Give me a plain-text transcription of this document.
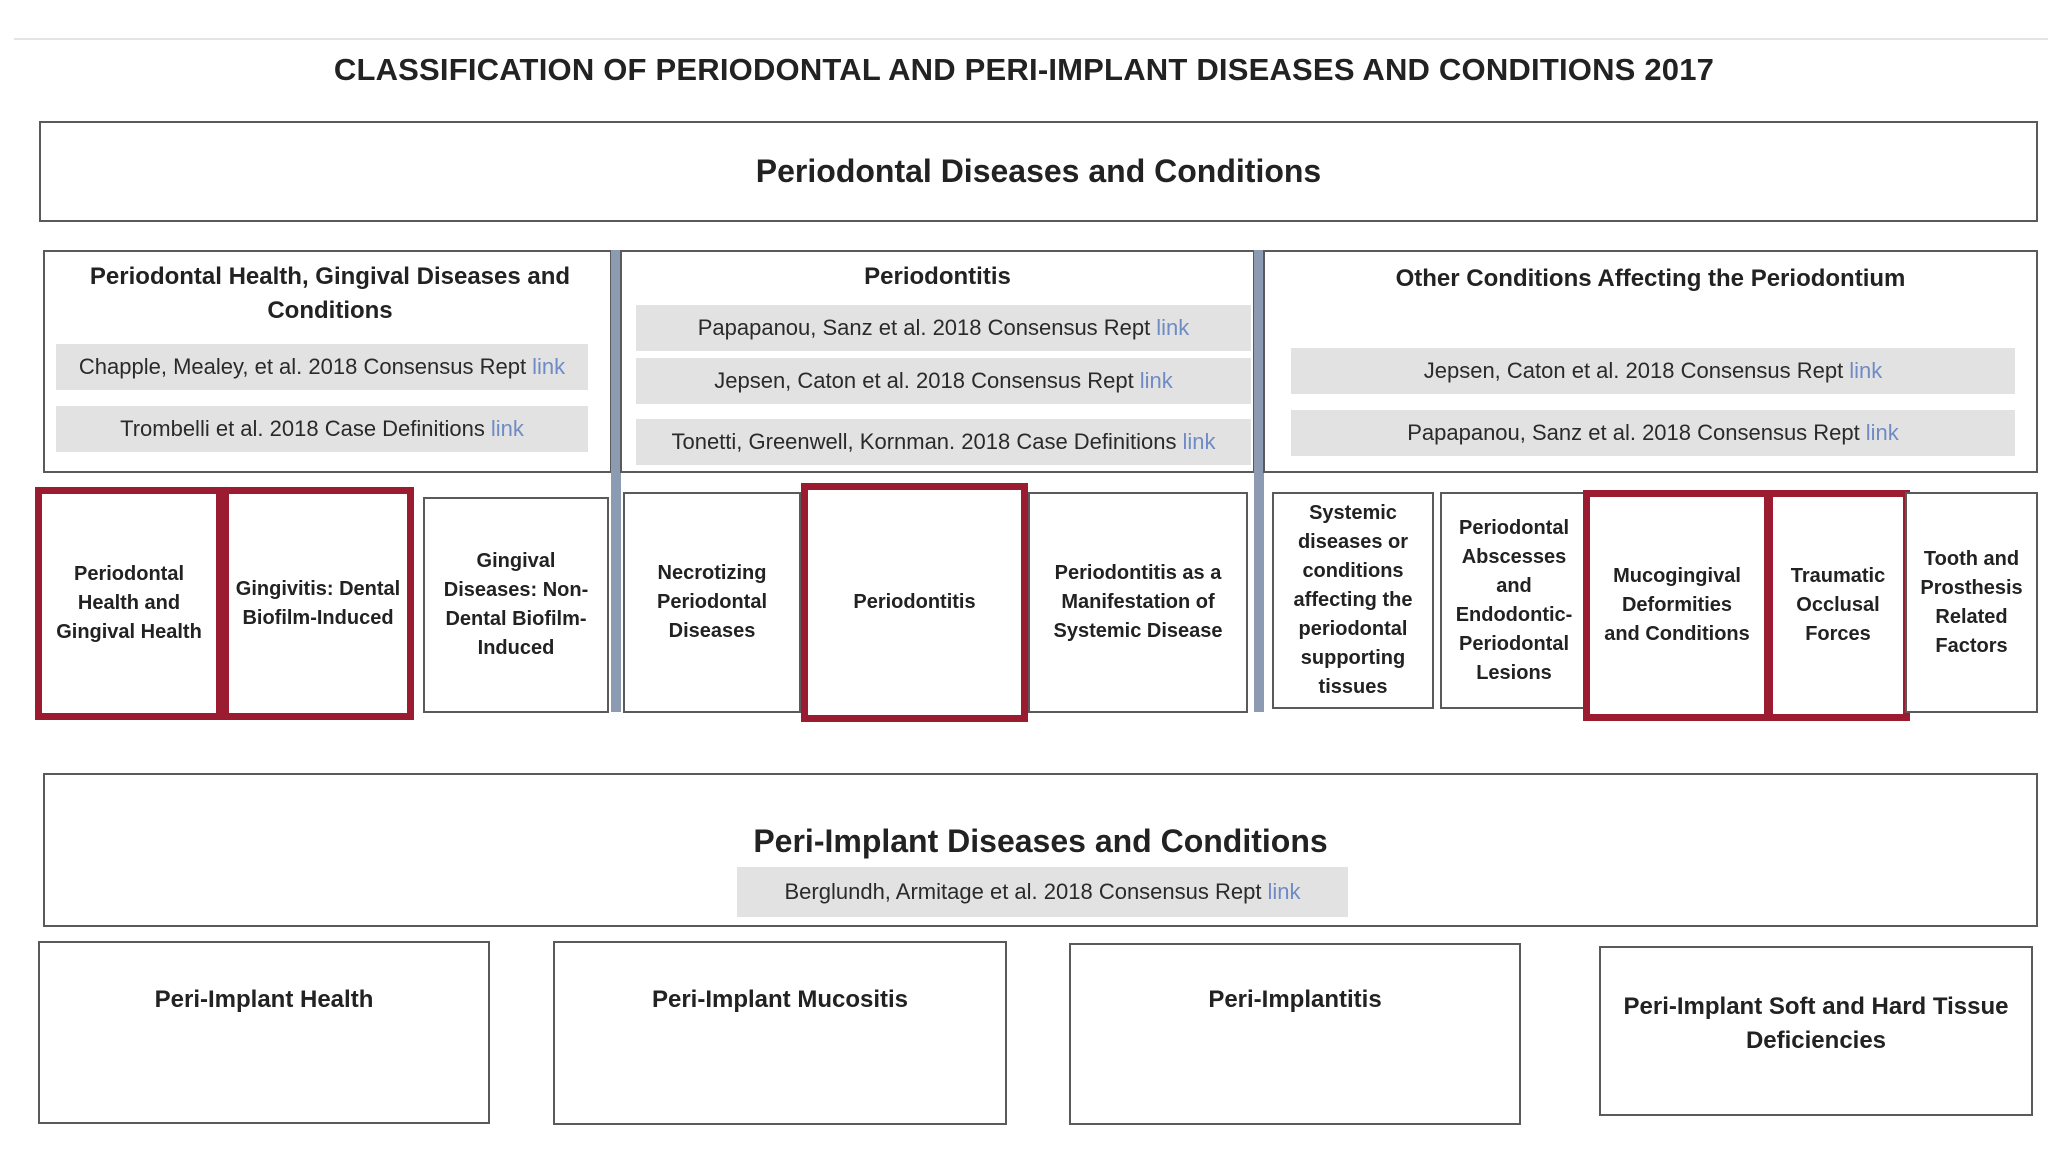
CLASSIFICATION OF PERIODONTAL AND PERI-IMPLANT DISEASES AND CONDITIONS 2017
Periodontal Diseases and Conditions
Periodontal Health, Gingival Diseases and Conditions
Chapple, Mealey, et al. 2018 Consensus Rept link
Trombelli et al. 2018 Case Definitions link
Periodontitis
Papapanou, Sanz et al. 2018 Consensus Rept link
Jepsen, Caton et al. 2018 Consensus Rept link
Tonetti, Greenwell, Kornman. 2018 Case Definitions link
Other Conditions Affecting the Periodontium
Jepsen, Caton et al. 2018 Consensus Rept link
Papapanou, Sanz et al. 2018 Consensus Rept link
Periodontal Health and Gingival Health
Gingivitis: Dental Biofilm-Induced
Gingival Diseases: Non-Dental Biofilm-Induced
Necrotizing Periodontal Diseases
Periodontitis
Periodontitis as a Manifestation of Systemic Disease
Systemic diseases or conditions affecting the periodontal supporting tissues
Periodontal Abscesses and Endodontic-Periodontal Lesions
Mucogingival Deformities and Conditions
Traumatic Occlusal Forces
Tooth and Prosthesis Related Factors
Peri-Implant Diseases and Conditions
Berglundh, Armitage et al. 2018 Consensus Rept link
Peri-Implant Health	Peri-Implant Mucositis	Peri-Implantitis	Peri-Implant Soft and Hard Tissue Deficiencies
